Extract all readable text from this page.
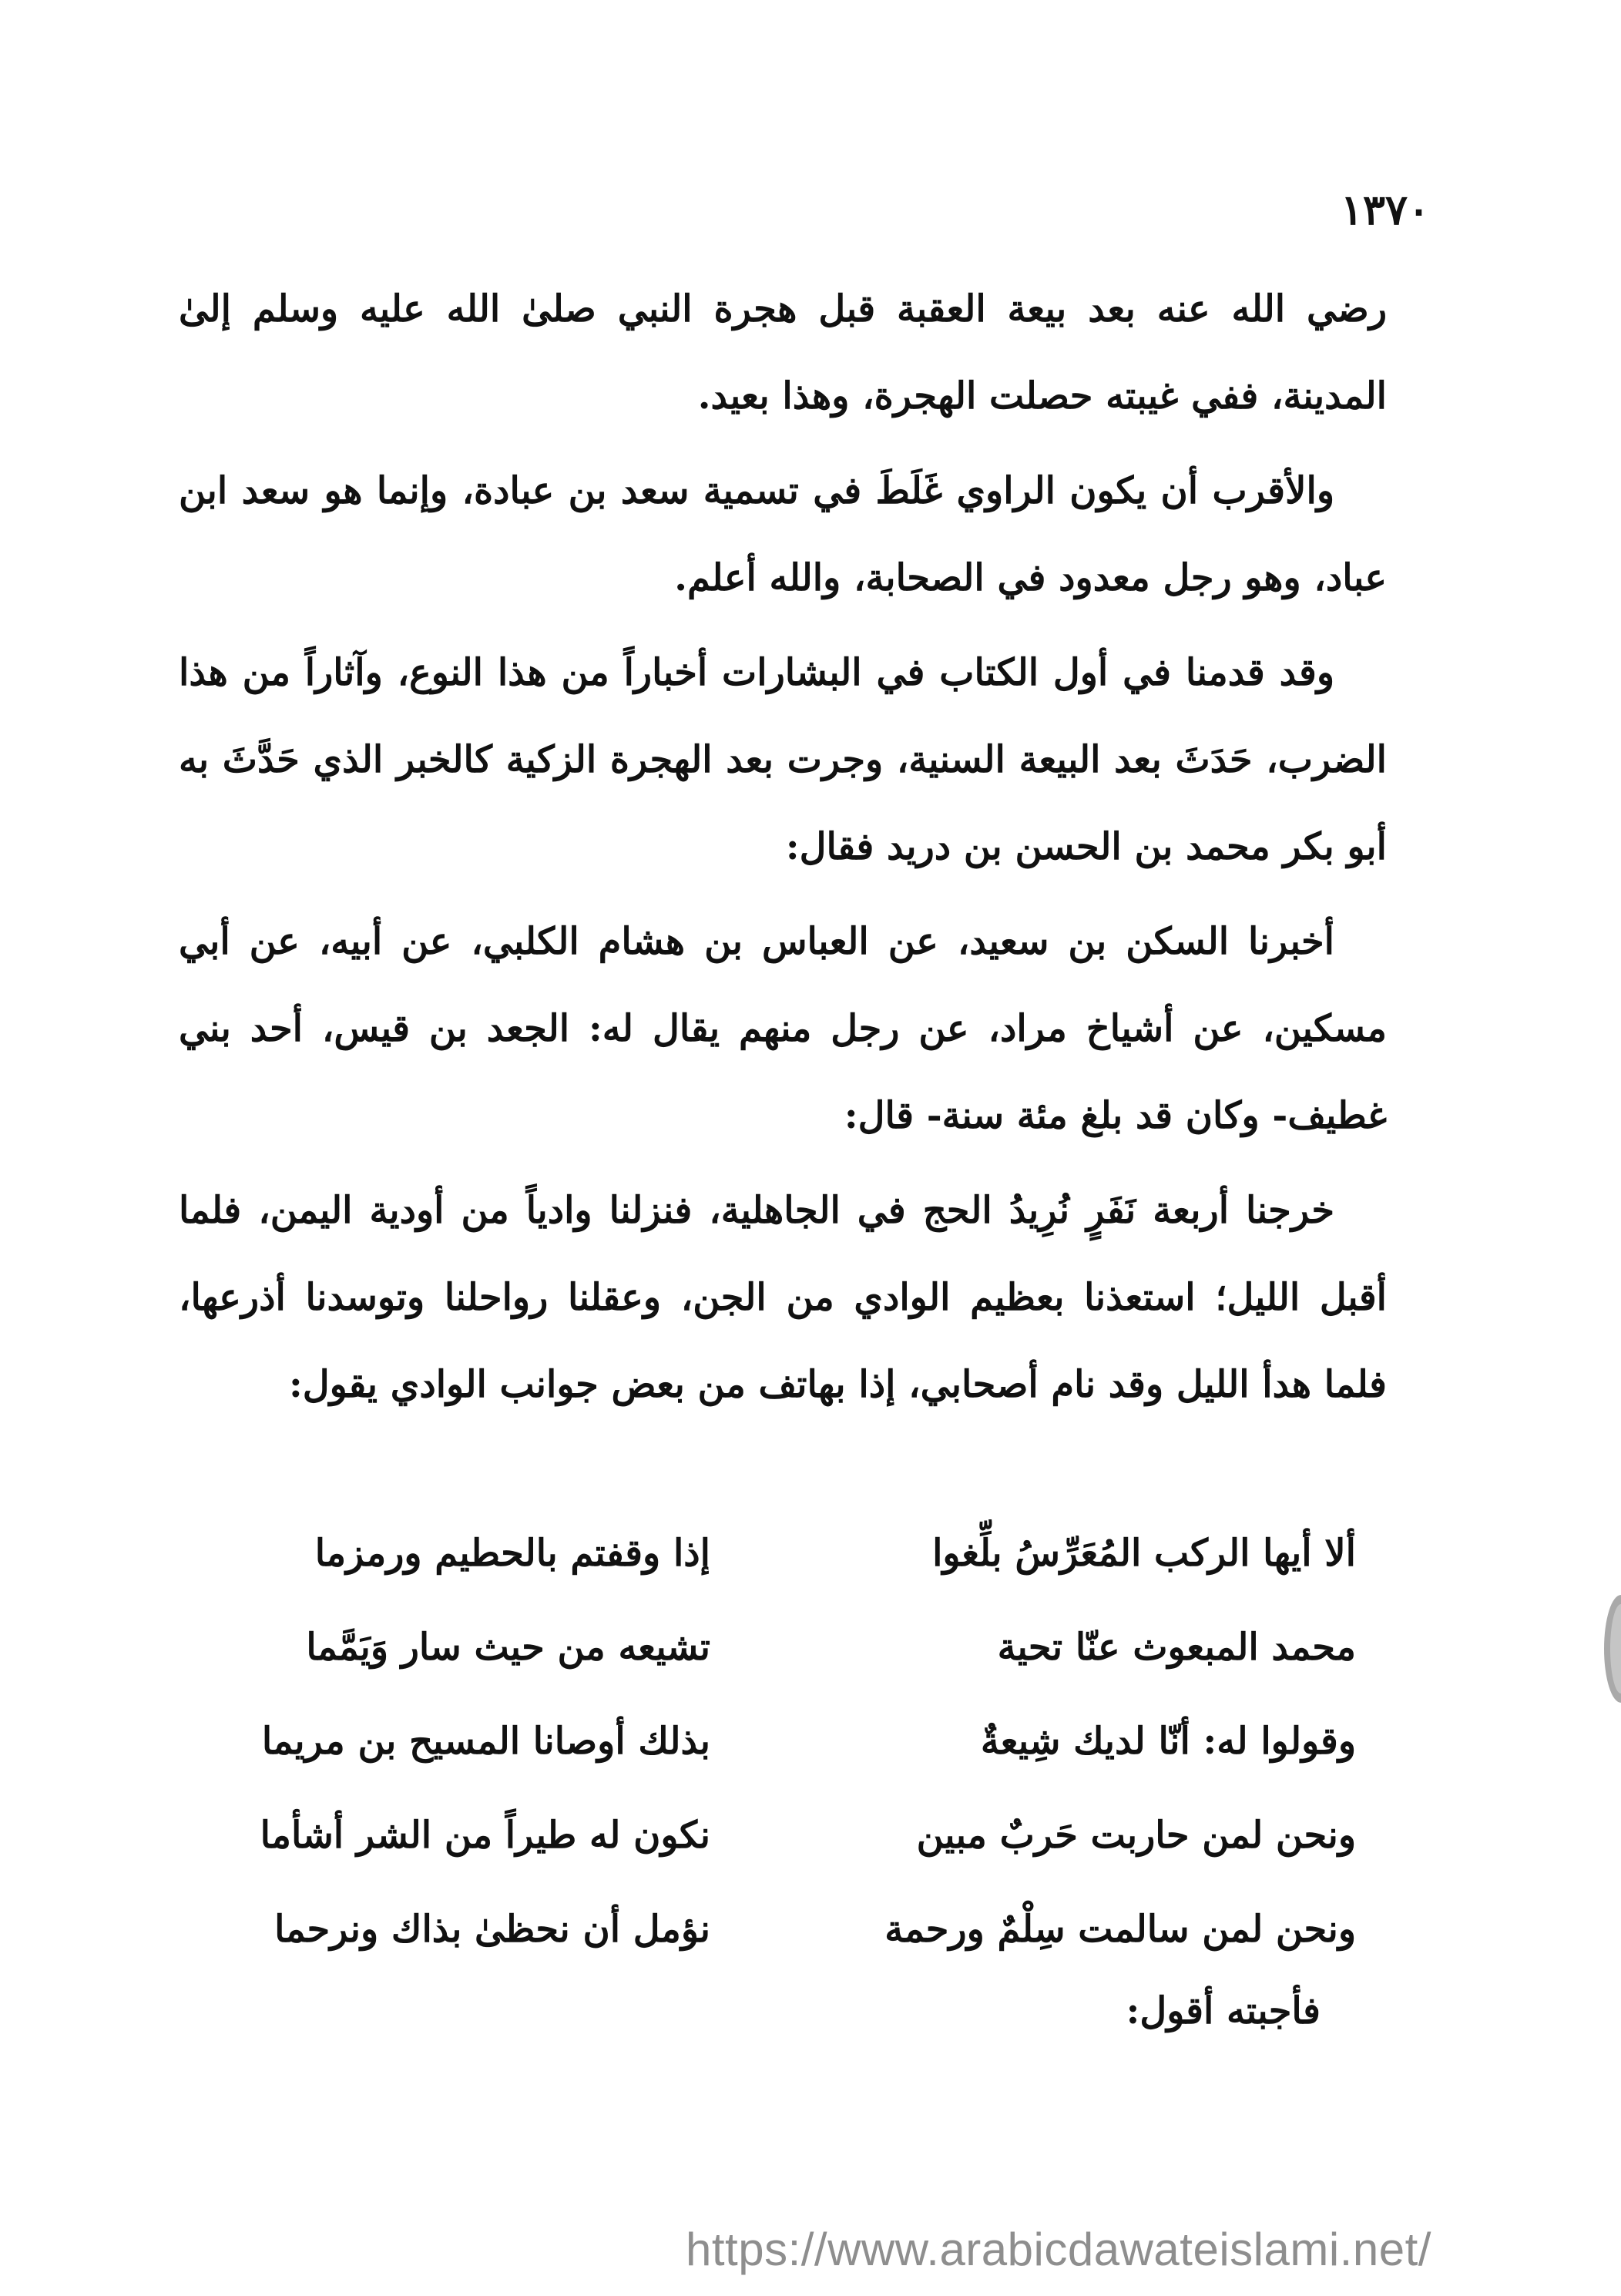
١٣٧٠

رضي الله عنه بعد بيعة العقبة قبل هجرة النبي صلىٰ الله عليه وسلم إلىٰ المدينة، ففي غيبته حصلت الهجرة، وهذا بعيد.

والأقرب أن يكون الراوي غَلَطَ في تسمية سعد بن عبادة، وإنما هو سعد ابن عباد، وهو رجل معدود في الصحابة، والله أعلم.

وقد قدمنا في أول الكتاب في البشارات أخباراً من هذا النوع، وآثاراً من هذا الضرب، حَدَثَ بعد البيعة السنية، وجرت بعد الهجرة الزكية كالخبر الذي حَدَّثَ به أبو بكر محمد بن الحسن بن دريد فقال:

أخبرنا السكن بن سعيد، عن العباس بن هشام الكلبي، عن أبيه، عن أبي مسكين، عن أشياخ مراد، عن رجل منهم يقال له: الجعد بن قيس، أحد بني غطيف- وكان قد بلغ مئة سنة- قال:

خرجنا أربعة نَفَرٍ نُرِيدُ الحج في الجاهلية، فنزلنا وادياً من أودية اليمن، فلما أقبل الليل؛ استعذنا بعظيم الوادي من الجن، وعقلنا رواحلنا وتوسدنا أذرعها، فلما هدأ الليل وقد نام أصحابي، إذا بهاتف من بعض جوانب الوادي يقول:

ألا أيها الركب المُعَرِّسُ بلِّغوا
إذا وقفتم بالحطيم ورمزما
محمد المبعوث عنّا تحية
تشيعه من حيث سار وَيَمَّما
وقولوا له: أنّا لديك شِيعةٌ
بذلك أوصانا المسيح بن مريما
ونحن لمن حاربت حَربٌ مبين
نكون له طيراً من الشر أشأما
ونحن لمن سالمت سِلْمٌ ورحمة
نؤمل أن نحظىٰ بذاك ونرحما
فأجبته أقول:
https://www.arabicdawateislami.net/
